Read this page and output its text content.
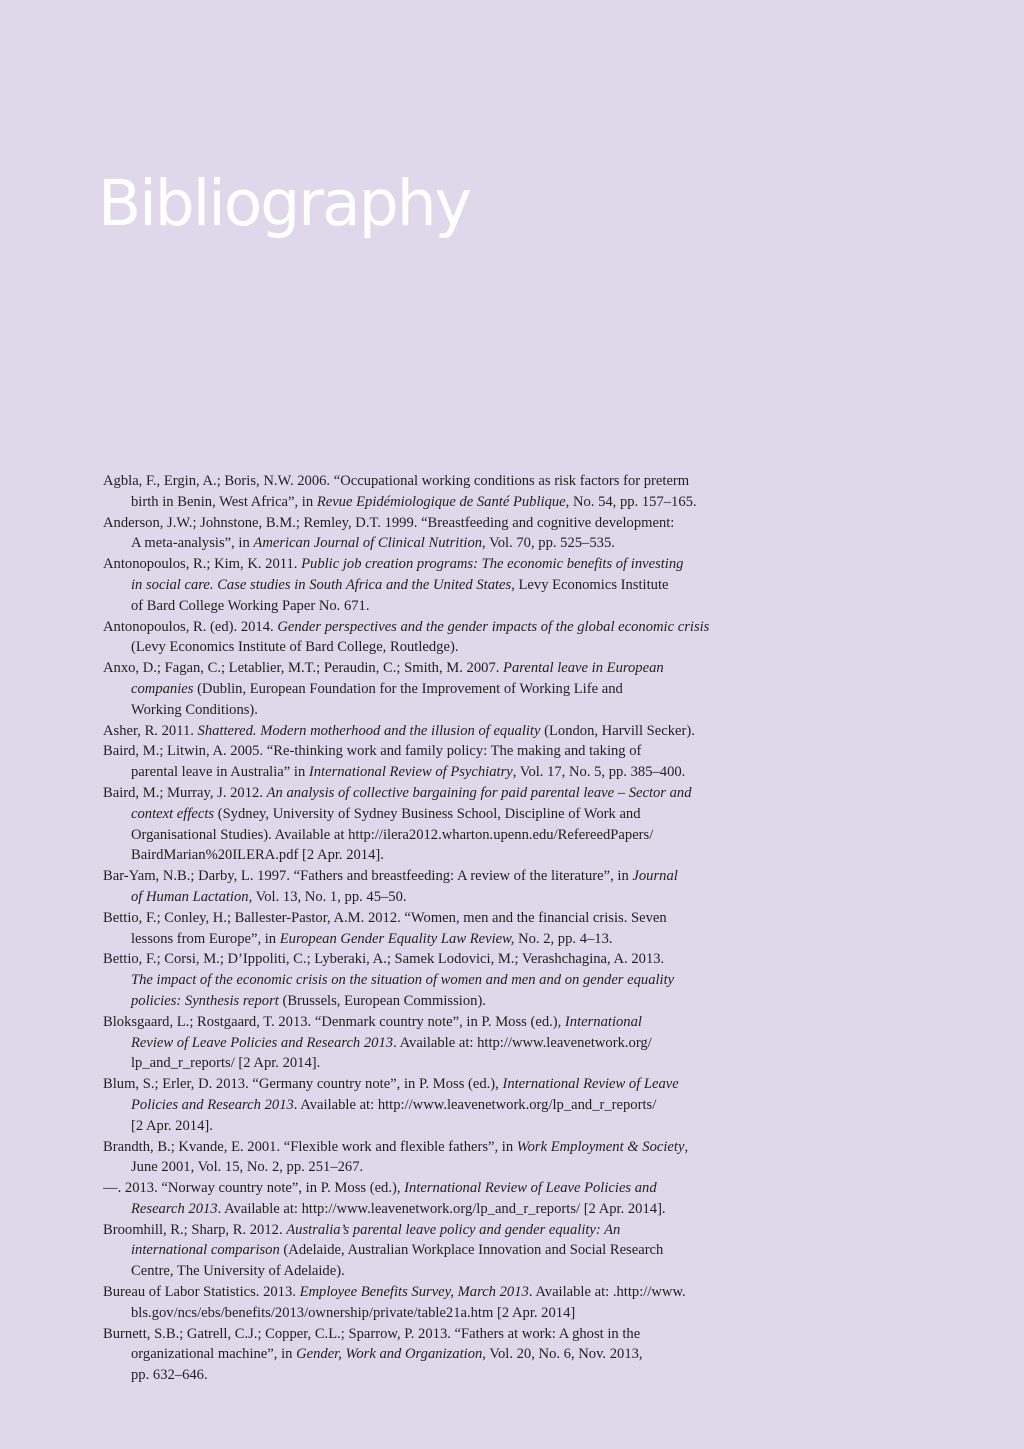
Bibliography
Agbla, F., Ergin, A.; Boris, N.W. 2006. “Occupational working conditions as risk factors for preterm
birth in Benin, West Africa”, in Revue Epidémiologique de Santé Publique, No. 54, pp. 157–165.
Anderson, J.W.; Johnstone, B.M.; Remley, D.T. 1999. “Breastfeeding and cognitive development:
A meta-analysis”, in American Journal of Clinical Nutrition, Vol. 70, pp. 525–535.
Antonopoulos, R.; Kim, K. 2011. Public job creation programs: The economic benefits of investing
in social care. Case studies in South Africa and the United States, Levy Economics Institute
of Bard College Working Paper No. 671.
Antonopoulos, R. (ed). 2014. Gender perspectives and the gender impacts of the global economic crisis
(Levy Economics Institute of Bard College, Routledge).
Anxo, D.; Fagan, C.; Letablier, M.T.; Peraudin, C.; Smith, M. 2007. Parental leave in European
companies (Dublin, European Foundation for the Improvement of Working Life and
Working Conditions).
Asher, R. 2011. Shattered. Modern motherhood and the illusion of equality (London, Harvill Secker).
Baird, M.; Litwin, A. 2005. “Re-thinking work and family policy: The making and taking of
parental leave in Australia” in International Review of Psychiatry, Vol. 17, No. 5, pp. 385–400.
Baird, M.; Murray, J. 2012. An analysis of collective bargaining for paid parental leave – Sector and
context effects (Sydney, University of Sydney Business School, Discipline of Work and
Organisational Studies). Available at http://ilera2012.wharton.upenn.edu/RefereedPapers/
BairdMarian%20ILERA.pdf [2 Apr. 2014].
Bar-Yam, N.B.; Darby, L. 1997. “Fathers and breastfeeding: A review of the literature”, in Journal
of Human Lactation, Vol. 13, No. 1, pp. 45–50.
Bettio, F.; Conley, H.; Ballester-Pastor, A.M. 2012. “Women, men and the financial crisis. Seven
lessons from Europe”, in European Gender Equality Law Review, No. 2, pp. 4–13.
Bettio, F.; Corsi, M.; D’Ippoliti, C.; Lyberaki, A.; Samek Lodovici, M.; Verashchagina, A. 2013.
The impact of the economic crisis on the situation of women and men and on gender equality
policies: Synthesis report (Brussels, European Commission).
Bloksgaard, L.; Rostgaard, T. 2013. “Denmark country note”, in P. Moss (ed.), International
Review of Leave Policies and Research 2013. Available at: http://www.leavenetwork.org/
lp_and_r_reports/ [2 Apr. 2014].
Blum, S.; Erler, D. 2013. “Germany country note”, in P. Moss (ed.), International Review of Leave
Policies and Research 2013. Available at: http://www.leavenetwork.org/lp_and_r_reports/
[2 Apr. 2014].
Brandth, B.; Kvande, E. 2001. “Flexible work and flexible fathers”, in Work Employment & Society,
June 2001, Vol. 15, No. 2, pp. 251–267.
—. 2013. “Norway country note”, in P. Moss (ed.), International Review of Leave Policies and
Research 2013. Available at: http://www.leavenetwork.org/lp_and_r_reports/ [2 Apr. 2014].
Broomhill, R.; Sharp, R. 2012. Australia’s parental leave policy and gender equality: An
international comparison (Adelaide, Australian Workplace Innovation and Social Research
Centre, The University of Adelaide).
Bureau of Labor Statistics. 2013. Employee Benefits Survey, March 2013. Available at: .http://www.
bls.gov/ncs/ebs/benefits/2013/ownership/private/table21a.htm [2 Apr. 2014]
Burnett, S.B.; Gatrell, C.J.; Copper, C.L.; Sparrow, P. 2013. “Fathers at work: A ghost in the
organizational machine”, in Gender, Work and Organization, Vol. 20, No. 6, Nov. 2013,
pp. 632–646.
